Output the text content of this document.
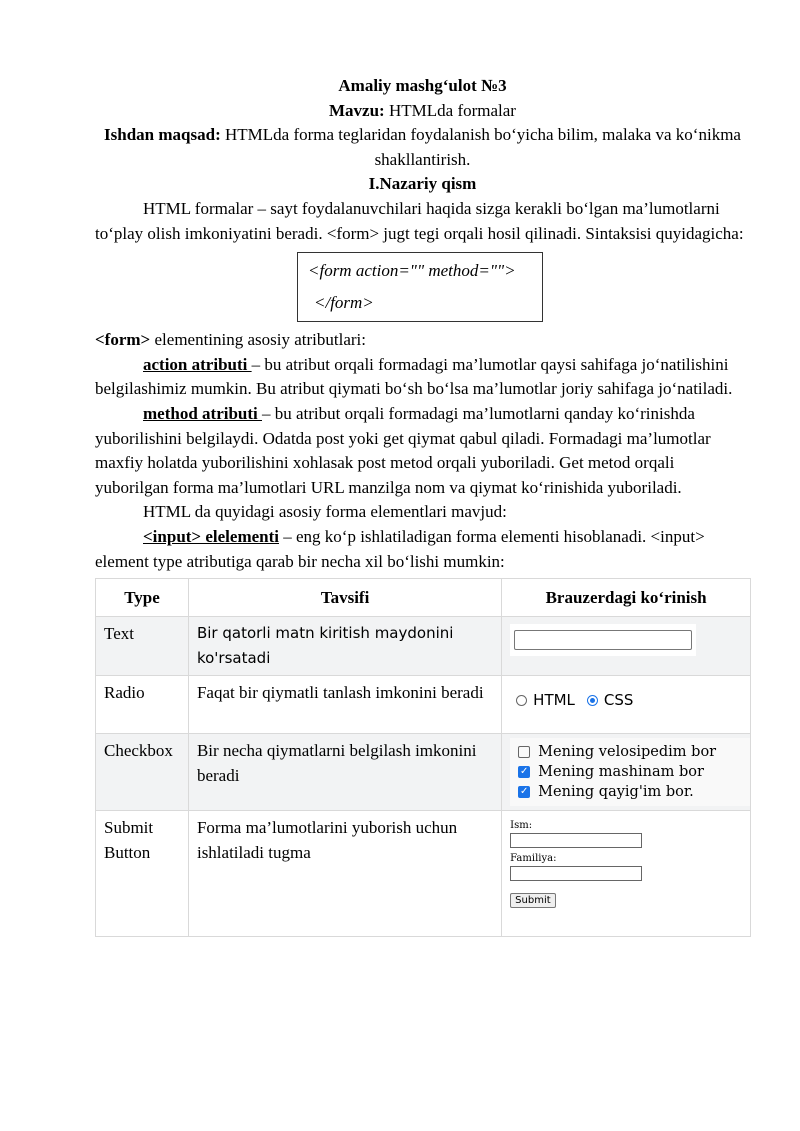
Amaliy mashg‘ulot №3

Mavzu: HTMLda formalar

Ishdan maqsad: HTMLda forma teglaridan foydalanish bo‘yicha bilim, malaka va ko‘nikma shakllantirish.

I.Nazariy qism

HTML formalar – sayt foydalanuvchilari haqida sizga kerakli bo‘lgan ma’lumotlarni to‘play olish imkoniyatini beradi. <form> jugt tegi orqali hosil qilinadi. Sintaksisi quyidagicha:

<form action="" method="">
</form>

<form> elementining asosiy atributlari:

action atributi – bu atribut orqali formadagi ma’lumotlar qaysi sahifaga jo‘natilishini belgilashimiz mumkin. Bu atribut qiymati bo‘sh bo‘lsa ma’lumotlar joriy sahifaga jo‘natiladi.

method atributi – bu atribut orqali formadagi ma’lumotlarni qanday ko‘rinishda yuborilishini belgilaydi. Odatda post yoki get qiymat qabul qiladi. Formadagi ma’lumotlar maxfiy holatda yuborilishini xohlasak post metod orqali yuboriladi. Get metod orqali yuborilgan forma ma’lumotlari URL manzilga nom va qiymat ko‘rinishida yuboriladi.

HTML da quyidagi asosiy forma elementlari mavjud:

<input> elelementi – eng ko‘p ishlatiladigan forma elementi hisoblanadi. <input> element type atributiga qarab bir necha xil bo‘lishi mumkin:

Type	Tavsifi	Brauzerdagi ko‘rinish
Text	Bir qatorli matn kiritish maydonini ko'rsatadi	

Radio	Faqat bir qiymatli tanlash imkonini beradi	HTML CSS

Checkbox	Bir necha qiymatlarni belgilash imkonini beradi	Mening velosipedim bor
✓ Mening mashinam bor
✓ Mening qayig'im bor.

Submit Button	Forma ma’lumotlarini yuborish uchun ishlatiladi tugma	Ism:
Familiya:
Submit
